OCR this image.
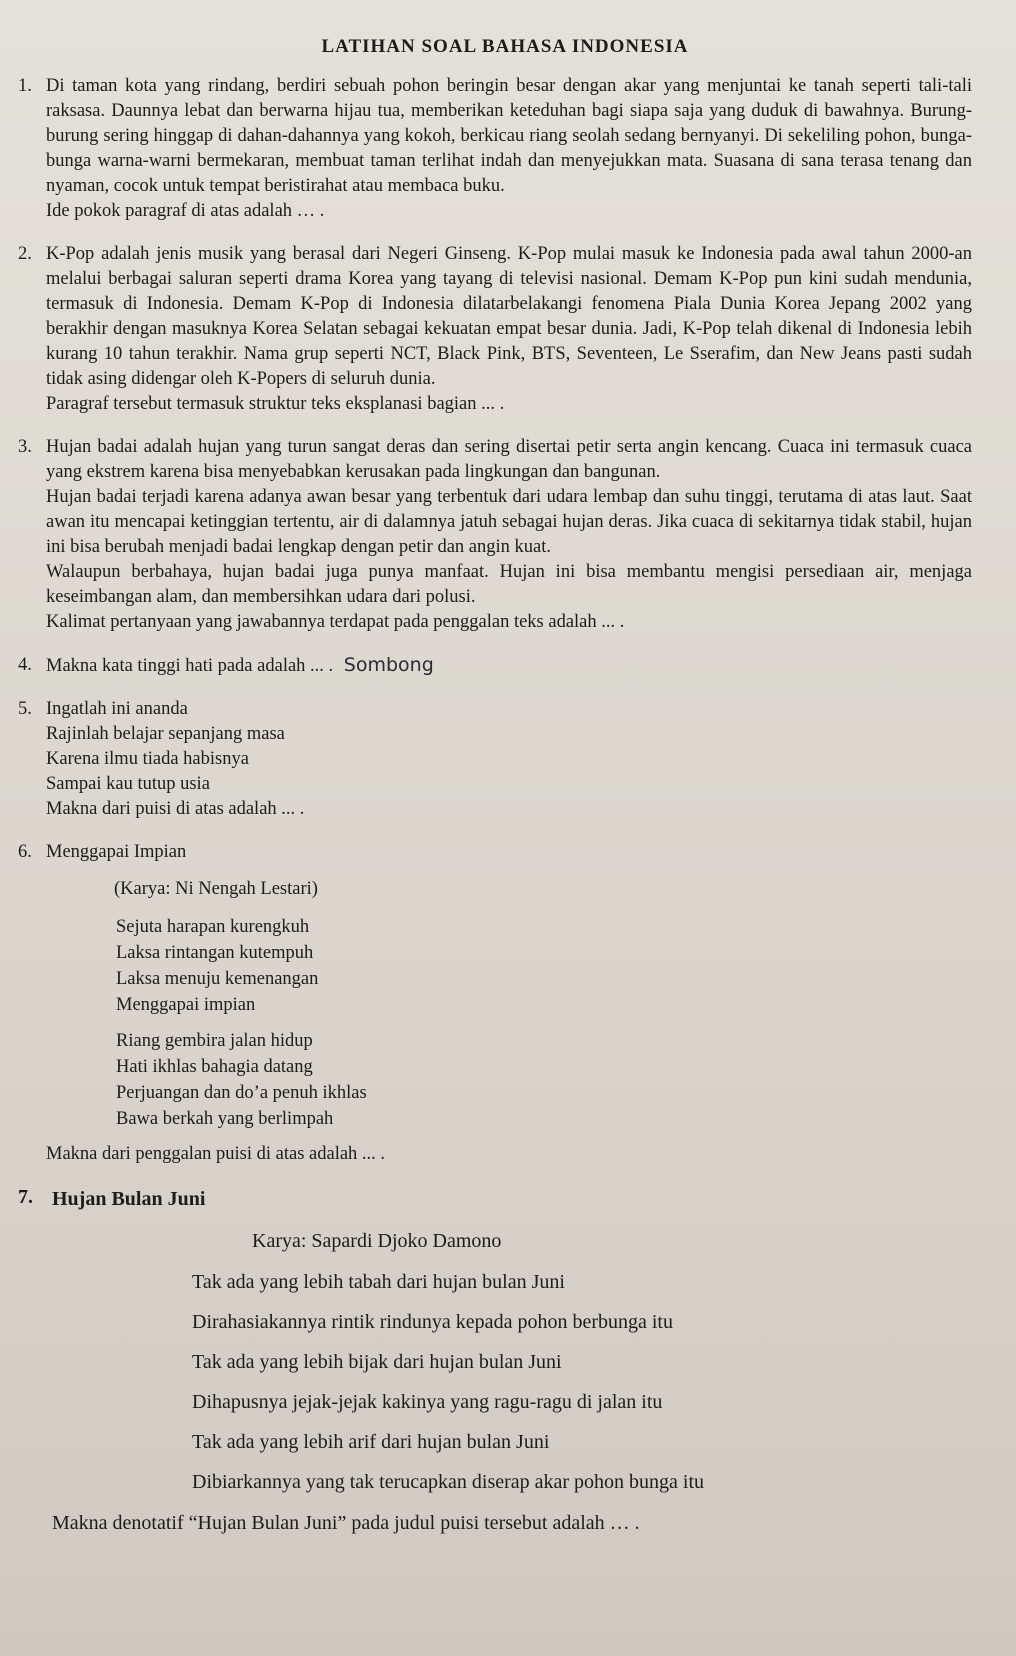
LATIHAN SOAL BAHASA INDONESIA
1. Di taman kota yang rindang, berdiri sebuah pohon beringin besar dengan akar yang menjuntai ke tanah seperti tali-tali raksasa. Daunnya lebat dan berwarna hijau tua, memberikan keteduhan bagi siapa saja yang duduk di bawahnya. Burung-burung sering hinggap di dahan-dahannya yang kokoh, berkicau riang seolah sedang bernyanyi. Di sekeliling pohon, bunga-bunga warna-warni bermekaran, membuat taman terlihat indah dan menyejukkan mata. Suasana di sana terasa tenang dan nyaman, cocok untuk tempat beristirahat atau membaca buku.

Ide pokok paragraf di atas adalah … .

2. K-Pop adalah jenis musik yang berasal dari Negeri Ginseng. K-Pop mulai masuk ke Indonesia pada awal tahun 2000-an melalui berbagai saluran seperti drama Korea yang tayang di televisi nasional. Demam K-Pop pun kini sudah mendunia, termasuk di Indonesia. Demam K-Pop di Indonesia dilatarbelakangi fenomena Piala Dunia Korea Jepang 2002 yang berakhir dengan masuknya Korea Selatan sebagai kekuatan empat besar dunia. Jadi, K-Pop telah dikenal di Indonesia lebih kurang 10 tahun terakhir. Nama grup seperti NCT, Black Pink, BTS, Seventeen, Le Sserafim, dan New Jeans pasti sudah tidak asing didengar oleh K-Popers di seluruh dunia.

Paragraf tersebut termasuk struktur teks eksplanasi bagian ... .

3. Hujan badai adalah hujan yang turun sangat deras dan sering disertai petir serta angin kencang. Cuaca ini termasuk cuaca yang ekstrem karena bisa menyebabkan kerusakan pada lingkungan dan bangunan.

Hujan badai terjadi karena adanya awan besar yang terbentuk dari udara lembap dan suhu tinggi, terutama di atas laut. Saat awan itu mencapai ketinggian tertentu, air di dalamnya jatuh sebagai hujan deras. Jika cuaca di sekitarnya tidak stabil, hujan ini bisa berubah menjadi badai lengkap dengan petir dan angin kuat.

Walaupun berbahaya, hujan badai juga punya manfaat. Hujan ini bisa membantu mengisi persediaan air, menjaga keseimbangan alam, dan membersihkan udara dari polusi.

Kalimat pertanyaan yang jawabannya terdapat pada penggalan teks adalah ... .

4. Makna kata tinggi hati pada adalah ... . Sombong

5. Ingatlah ini ananda
Rajinlah belajar sepanjang masa
Karena ilmu tiada habisnya
Sampai kau tutup usia

Makna dari puisi di atas adalah ... .

6. Menggapai Impian
(Karya: Ni Nengah Lestari)
Sejuta harapan kurengkuh
Laksa rintangan kutempuh
Laksa menuju kemenangan
Menggapai impian
Riang gembira jalan hidup
Hati ikhlas bahagia datang
Perjuangan dan do’a penuh ikhlas
Bawa berkah yang berlimpah

Makna dari penggalan puisi di atas adalah ... .

7. Hujan Bulan Juni
Karya: Sapardi Djoko Damono
Tak ada yang lebih tabah dari hujan bulan Juni
Dirahasiakannya rintik rindunya kepada pohon berbunga itu
Tak ada yang lebih bijak dari hujan bulan Juni
Dihapusnya jejak-jejak kakinya yang ragu-ragu di jalan itu
Tak ada yang lebih arif dari hujan bulan Juni
Dibiarkannya yang tak terucapkan diserap akar pohon bunga itu

Makna denotatif “Hujan Bulan Juni” pada judul puisi tersebut adalah … .
